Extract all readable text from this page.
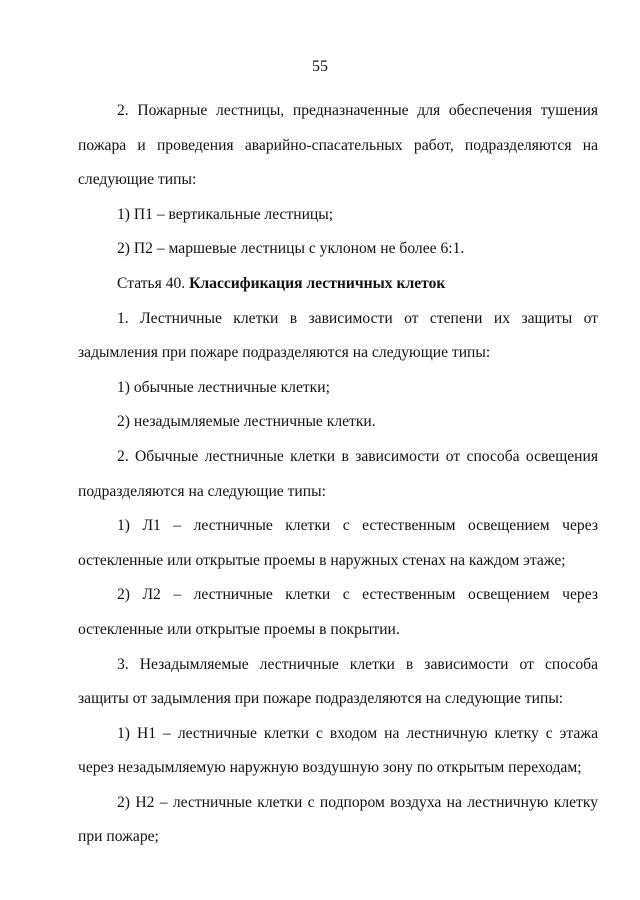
55

2. Пожарные лестницы, предназначенные для обеспечения тушения пожара и проведения аварийно-спасательных работ, подразделяются на следующие типы:

1) П1 – вертикальные лестницы;

2) П2 – маршевые лестницы с уклоном не более 6:1.

Статья 40. Классификация лестничных клеток

1. Лестничные клетки в зависимости от степени их защиты от задымления при пожаре подразделяются на следующие типы:

1) обычные лестничные клетки;

2) незадымляемые лестничные клетки.

2. Обычные лестничные клетки в зависимости от способа освещения подразделяются на следующие типы:

1) Л1 – лестничные клетки с естественным освещением через остекленные или открытые проемы в наружных стенах на каждом этаже;

2) Л2 – лестничные клетки с естественным освещением через остекленные или открытые проемы в покрытии.

3. Незадымляемые лестничные клетки в зависимости от способа защиты от задымления при пожаре подразделяются на следующие типы:

1) Н1 – лестничные клетки с входом на лестничную клетку с этажа через незадымляемую наружную воздушную зону по открытым переходам;

2) Н2 – лестничные клетки с подпором воздуха на лестничную клетку при пожаре;
